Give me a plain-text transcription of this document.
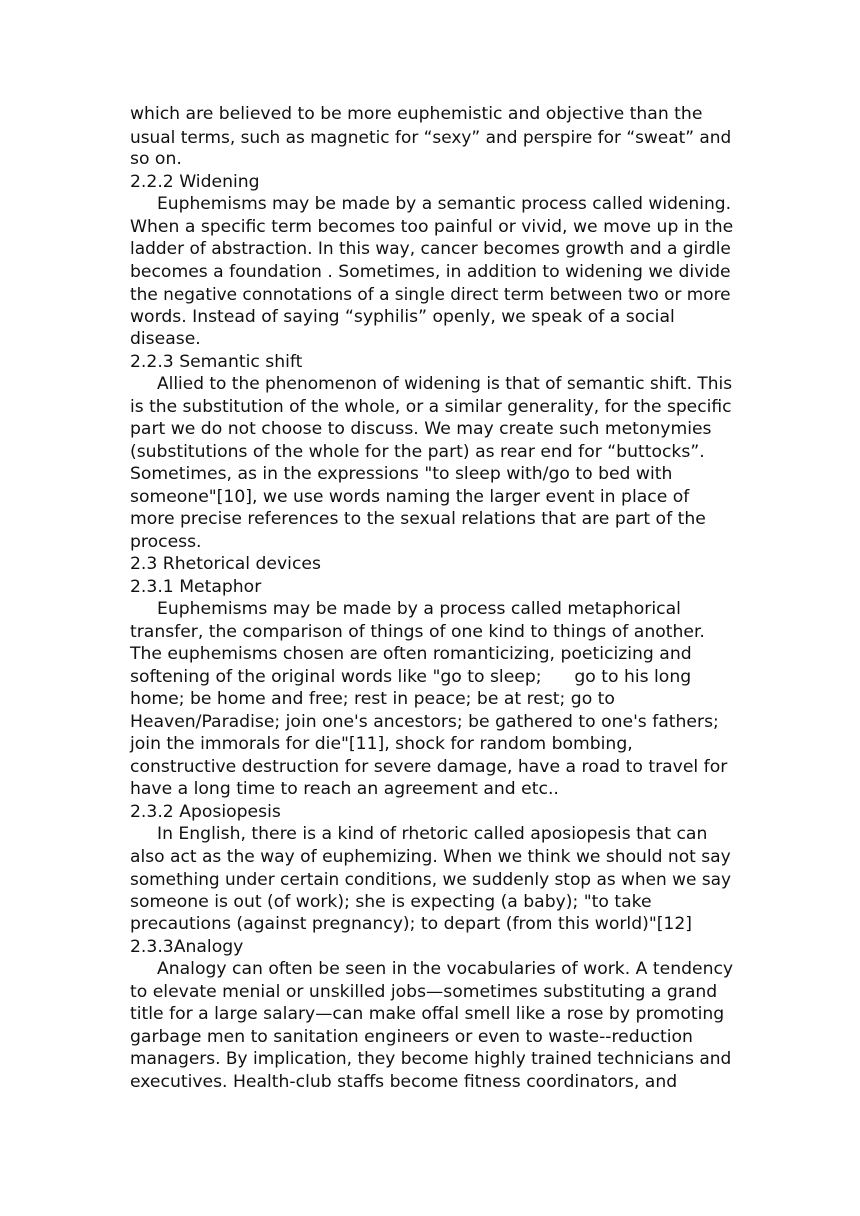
which are believed to be more euphemistic and objective than the
usual terms, such as magnetic for “sexy” and perspire for “sweat” and
so on.
2.2.2 Widening
Euphemisms may be made by a semantic process called widening.
When a specific term becomes too painful or vivid, we move up in the
ladder of abstraction. In this way, cancer becomes growth and a girdle
becomes a foundation . Sometimes, in addition to widening we divide
the negative connotations of a single direct term between two or more
words. Instead of saying “syphilis” openly, we speak of a social
disease.
2.2.3 Semantic shift
Allied to the phenomenon of widening is that of semantic shift. This
is the substitution of the whole, or a similar generality, for the specific
part we do not choose to discuss. We may create such metonymies
(substitutions of the whole for the part) as rear end for “buttocks”.
Sometimes, as in the expressions "to sleep with/go to bed with
someone"[10], we use words naming the larger event in place of
more precise references to the sexual relations that are part of the
process.
2.3 Rhetorical devices
2.3.1 Metaphor
Euphemisms may be made by a process called metaphorical
transfer, the comparison of things of one kind to things of another.
The euphemisms chosen are often romanticizing, poeticizing and
softening of the original words like "go to sleep;      go to his long
home; be home and free; rest in peace; be at rest; go to
Heaven/Paradise; join one's ancestors; be gathered to one's fathers;
join the immorals for die"[11], shock for random bombing,
constructive destruction for severe damage, have a road to travel for
have a long time to reach an agreement and etc..
2.3.2 Aposiopesis
In English, there is a kind of rhetoric called aposiopesis that can
also act as the way of euphemizing. When we think we should not say
something under certain conditions, we suddenly stop as when we say
someone is out (of work); she is expecting (a baby); "to take
precautions (against pregnancy); to depart (from this world)"[12]
2.3.3Analogy
Analogy can often be seen in the vocabularies of work. A tendency
to elevate menial or unskilled jobs—sometimes substituting a grand
title for a large salary—can make offal smell like a rose by promoting
garbage men to sanitation engineers or even to waste--reduction
managers. By implication, they become highly trained technicians and
executives. Health-club staffs become fitness coordinators, and
